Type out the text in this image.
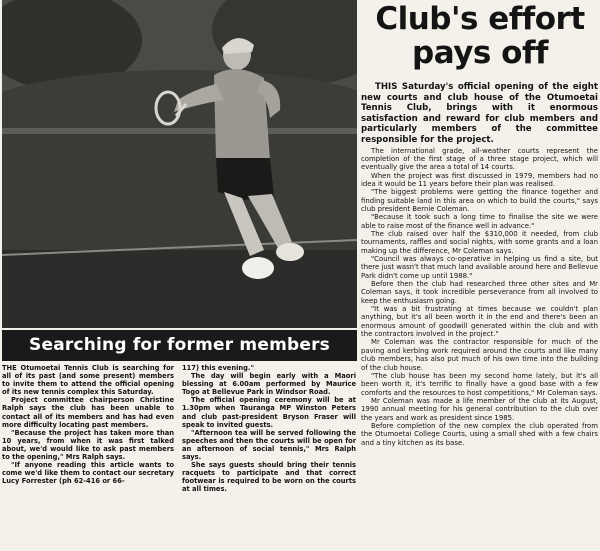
Searching for former members
Club's effort
pays off

THIS Saturday's official opening of the eight new courts and club house of the Otumoetai Tennis Club, brings with it enormous satisfaction and reward for club members and particularly members of the committee responsible for the project.

The international grade, all-weather courts represent the completion of the first stage of a three stage project, which will eventually give the area a total of 14 courts.

When the project was first discussed in 1979, members had no idea it would be 11 years before their plan was realised.

"The biggest problems were getting the finance together and finding suitable land in this area on which to build the courts," says club president Bernie Coleman.

"Because it took such a long time to finalise the site we were able to raise most of the finance well in advance."

The club raised over half the $310,000 it needed, from club tournaments, raffles and social nights, with some grants and a loan making up the difference, Mr Coleman says.

"Council was always co-operative in helping us find a site, but there just wasn't that much land available around here and Bellevue Park didn't come up until 1988."

Before then the club had researched three other sites and Mr Coleman says, it took incredible perseverance from all involved to keep the enthusiasm going.

"It was a bit frustrating at times because we couldn't plan anything, but it's all been worth it in the end and there's been an enormous amount of goodwill generated within the club and with the contractors involved in the project."

Mr Coleman was the contractor responsible for much of the paving and kerbing work required around the courts and like many club members, has also put much of his own time into the building of the club house.

"The club house has been my second home lately, but it's all been worth it, it's terrific to finally have a good base with a few comforts and the resources to host competitions," Mr Coleman says.

Mr Coleman was made a life member of the club at its August, 1990 annual meeting for his general contribution to the club over the years and work as president since 1985.

Before completion of the new complex the club operated from the Otumoetai College Courts, using a small shed with a few chairs and a tiny kitchen as its base.

THE Otumoetai Tennis Club is searching for all of its past (and some present) members to invite them to attend the official opening of its new tennis complex this Saturday.

Project committee chairperson Christine Ralph says the club has been unable to contact all of its members and has had even more difficulty locating past members.

"Because the project has taken more than 10 years, from when it was first talked about, we'd would like to ask past members to the opening," Mrs Ralph says.

"If anyone reading this article wants to come we'd like them to contact our secretary Lucy Forrester (ph 62-416 or 66-

117) this evening."

The day will begin early with a Maori blessing at 6.00am performed by Maurice Togo at Bellevue Park in Windsor Road.

The official opening ceremony will be at 1.30pm when Tauranga MP Winston Peters and club past-president Bryson Fraser will speak to invited guests.

"Afternoon tea will be served following the speeches and then the courts will be open for an afternoon of social tennis," Mrs Ralph says.

She says guests should bring their tennis racquets to participate and that correct footwear is required to be worn on the courts at all times.
